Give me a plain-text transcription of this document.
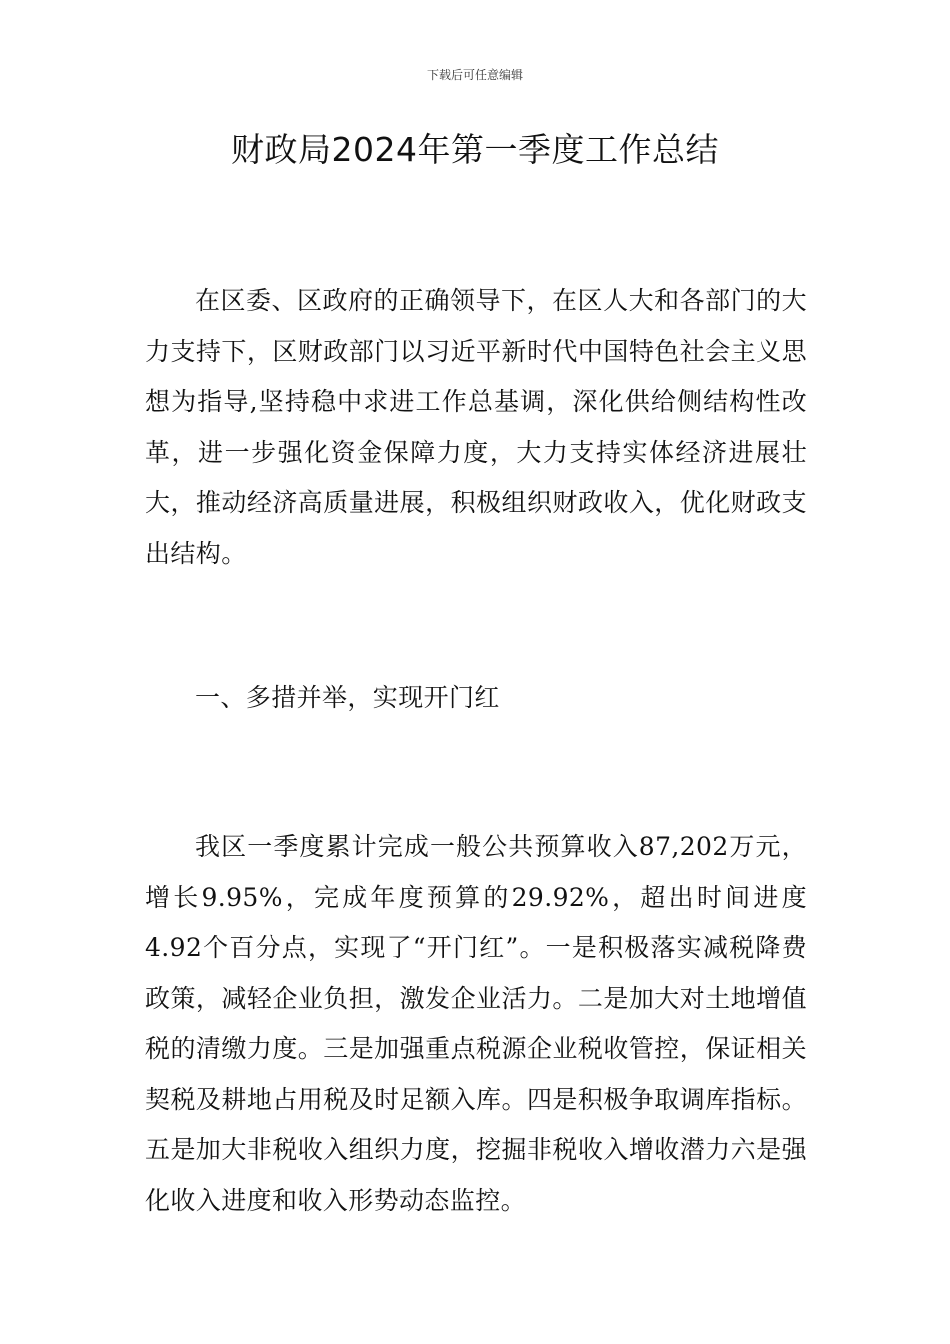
下载后可任意编辑
财政局2024年第一季度工作总结

在区委、区政府的正确领导下，在区人大和各部门的大力支持下，区财政部门以习近平新时代中国特色社会主义思想为指导,坚持稳中求进工作总基调，深化供给侧结构性改革，进一步强化资金保障力度，大力支持实体经济进展壮大，推动经济高质量进展，积极组织财政收入，优化财政支出结构。

一、多措并举，实现开门红

我区一季度累计完成一般公共预算收入87,202万元，增长9.95%，完成年度预算的29.92%，超出时间进度4.92个百分点，实现了“开门红”。一是积极落实减税降费政策，减轻企业负担，激发企业活力。二是加大对土地增值税的清缴力度。三是加强重点税源企业税收管控，保证相关契税及耕地占用税及时足额入库。四是积极争取调库指标。五是加大非税收入组织力度，挖掘非税收入增收潜力六是强化收入进度和收入形势动态监控。
